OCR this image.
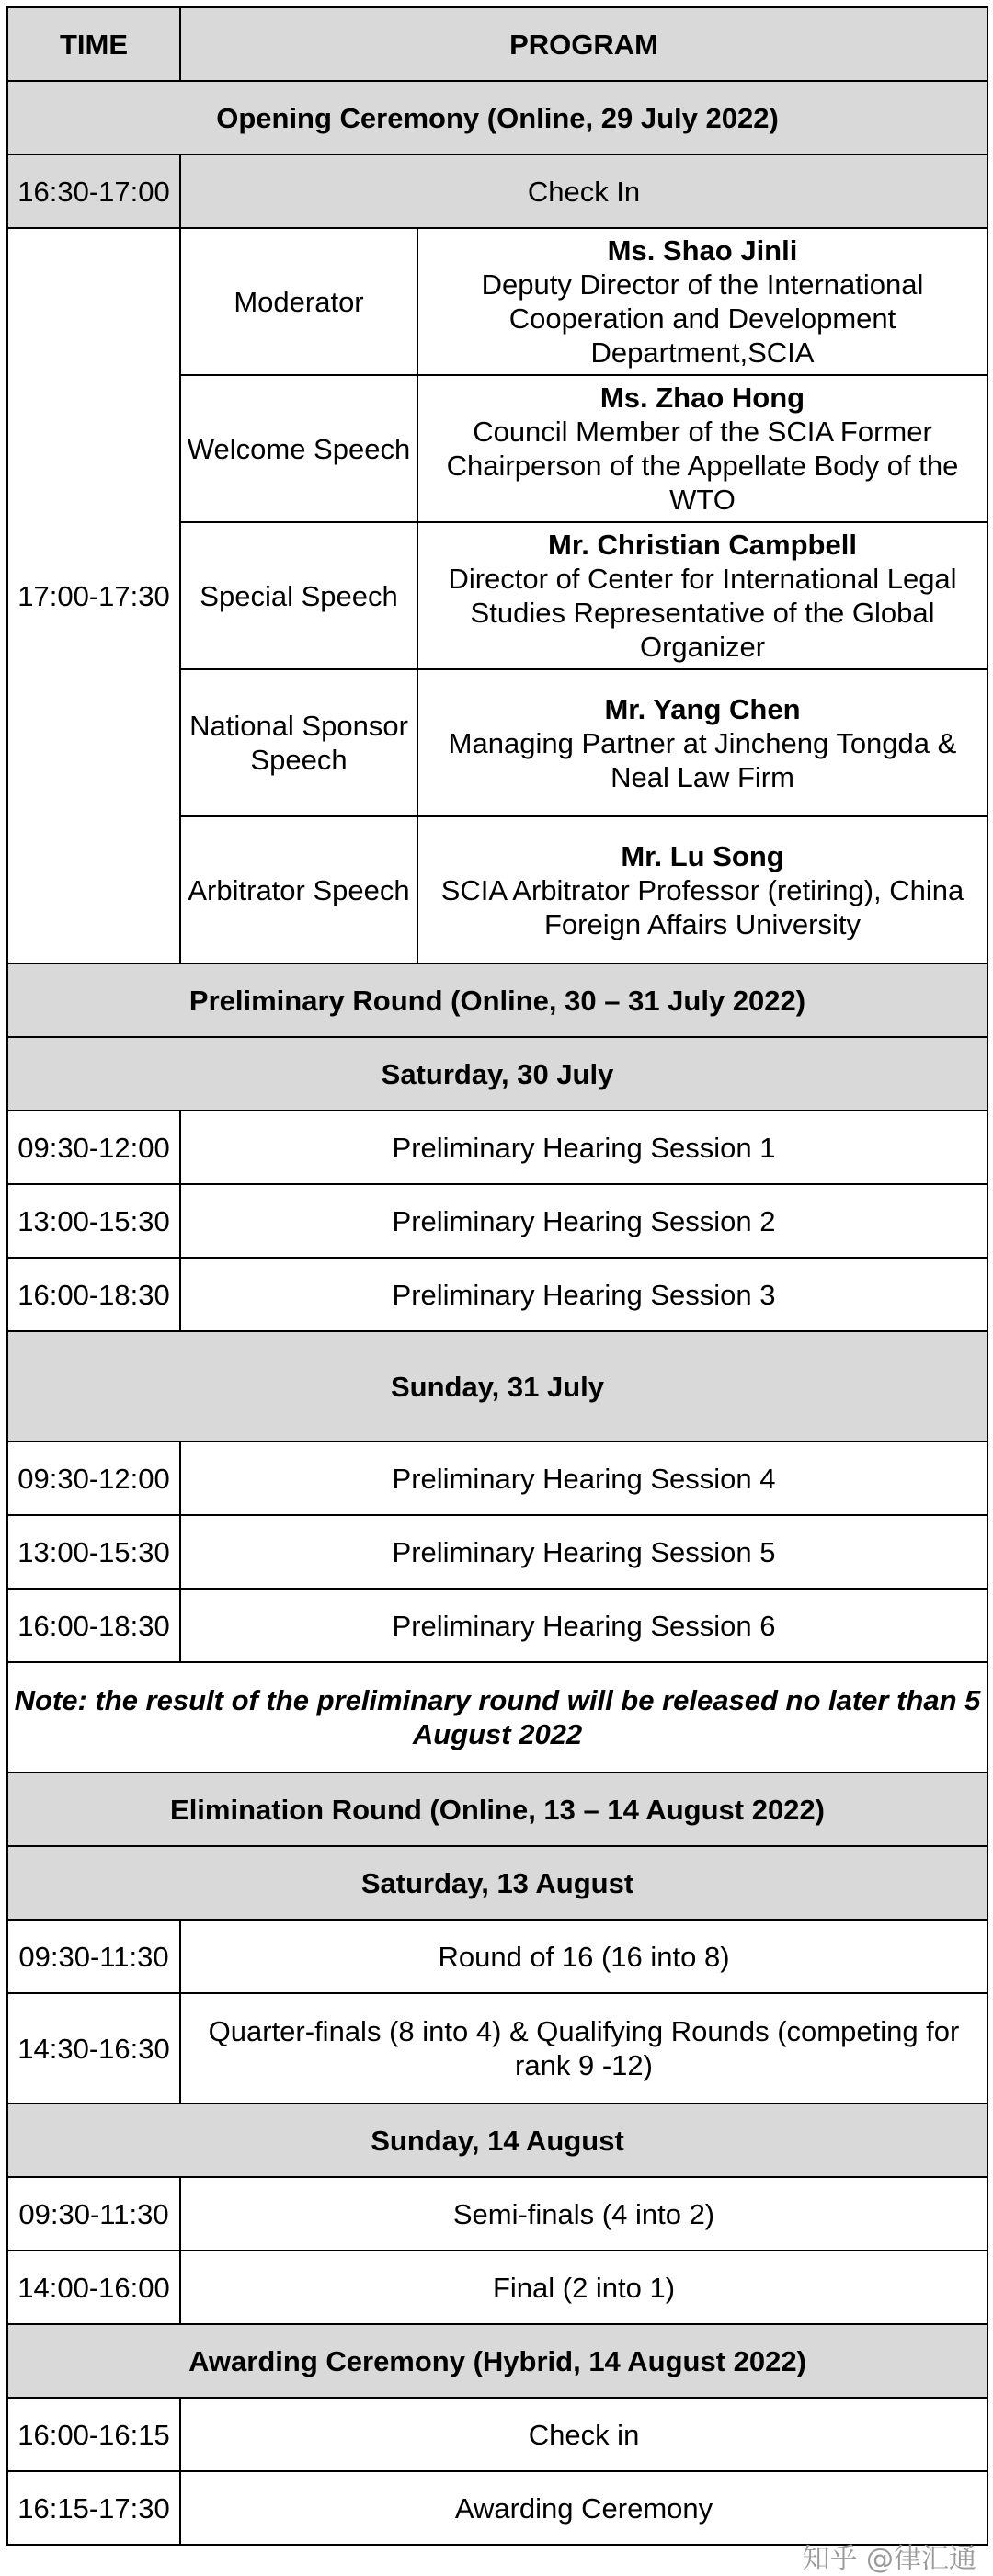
TIME	PROGRAM	
Opening Ceremony (Online, 29 July 2022)		
16:30-17:00	Check In	
17:00-17:30	Moderator	Ms. Shao Jinli
Deputy Director of the International Cooperation and Development Department,SCIA

	Welcome Speech	Ms. Zhao Hong
Council Member of the SCIA Former Chairperson of the Appellate Body of the WTO

	Special Speech	Mr. Christian Campbell
Director of Center for International Legal Studies Representative of the Global Organizer

	National Sponsor Speech	Mr. Yang Chen
Managing Partner at Jincheng Tongda & Neal Law Firm

	Arbitrator Speech	Mr. Lu Song
SCIA Arbitrator Professor (retiring), China Foreign Affairs University

Preliminary Round (Online, 30 – 31 July 2022)		
Saturday, 30 July		
09:30-12:00	Preliminary Hearing Session 1	
13:00-15:30	Preliminary Hearing Session 2	
16:00-18:30	Preliminary Hearing Session 3	
Sunday, 31 July		
09:30-12:00	Preliminary Hearing Session 4	
13:00-15:30	Preliminary Hearing Session 5	
16:00-18:30	Preliminary Hearing Session 6	
Note: the result of the preliminary round will be released no later than 5 August 2022		
Elimination Round (Online, 13 – 14 August 2022)		
Saturday, 13 August		
09:30-11:30	Round of 16 (16 into 8)	
14:30-16:30	Quarter-finals (8 into 4) & Qualifying Rounds (competing for rank 9 -12)	
Sunday, 14 August		
09:30-11:30	Semi-finals (4 into 2)	
14:00-16:00	Final (2 into 1)	
Awarding Ceremony (Hybrid, 14 August 2022)		
16:00-16:15	Check in	
16:15-17:30	Awarding Ceremony	
知乎 @律汇通
